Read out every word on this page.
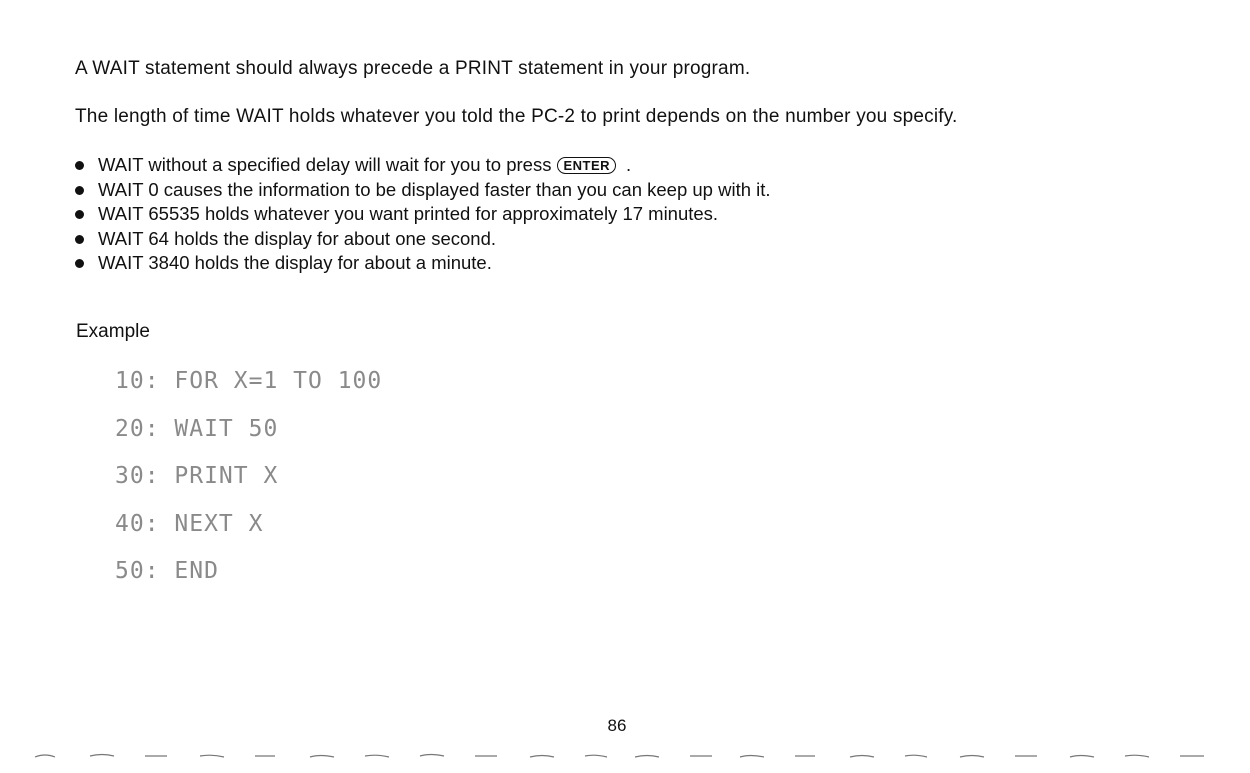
A WAIT statement should always precede a PRINT statement in your program.

The length of time WAIT holds whatever you told the PC-2 to print depends on the number you specify.

WAIT without a specified delay will wait for you to press ENTER .
WAIT 0 causes the information to be displayed faster than you can keep up with it.
WAIT 65535 holds whatever you want printed for approximately 17 minutes.
WAIT 64 holds the display for about one second.
WAIT 3840 holds the display for about a minute.

Example

10: FOR X=1 TO 100
20: WAIT 50
30: PRINT X
40: NEXT X
50: END

86
